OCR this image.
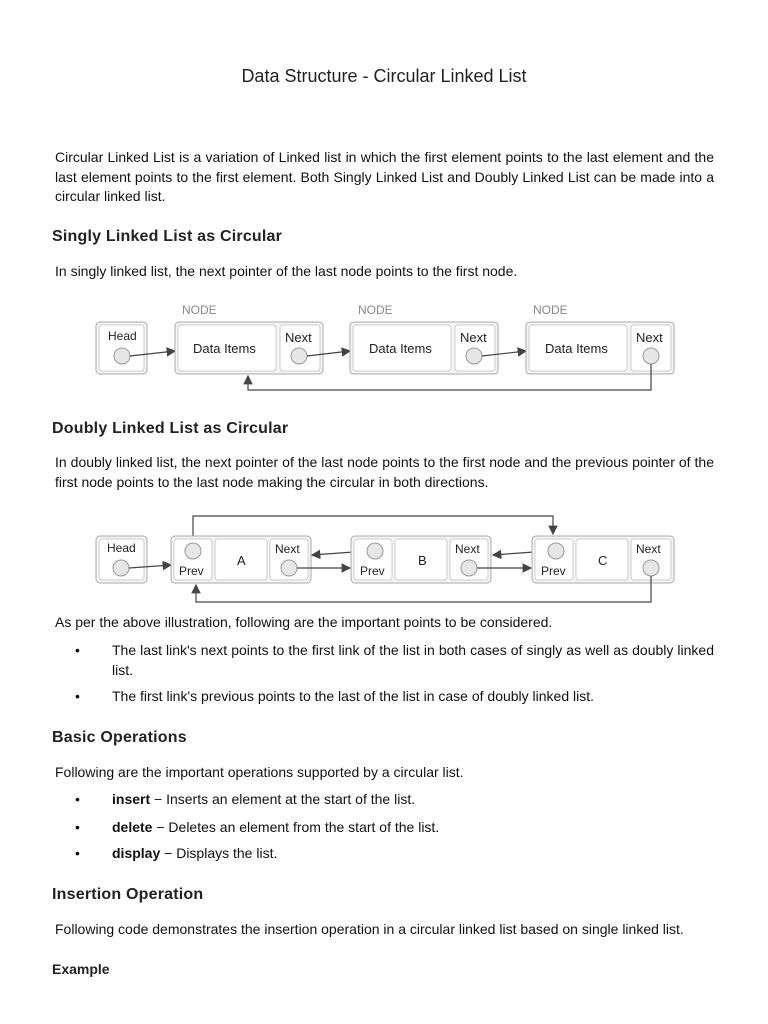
Data Structure - Circular Linked List

Circular Linked List is a variation of Linked list in which the first element points to the last element and the last element points to the first element. Both Singly Linked List and Doubly Linked List can be made into a circular linked list.

Singly Linked List as Circular

In singly linked list, the next pointer of the last node points to the first node.

NODE	NODE	NODE
Head
Data Items
Next
Data Items
Next
Data Items
Next
Doubly Linked List as Circular

In doubly linked list, the next pointer of the last node points to the first node and the previous pointer of the first node points to the last node making the circular in both directions.

Head
Prev
A
Next
Prev
B
Next
Prev
C
Next

As per the above illustration, following are the important points to be considered.

• The last link's next points to the first link of the list in both cases of singly as well as doubly linked list.
• The first link's previous points to the last of the list in case of doubly linked list.
Basic Operations

Following are the important operations supported by a circular list.

• insert − Inserts an element at the start of the list.
• delete − Deletes an element from the start of the list.
• display − Displays the list.
Insertion Operation

Following code demonstrates the insertion operation in a circular linked list based on single linked list.

Example
